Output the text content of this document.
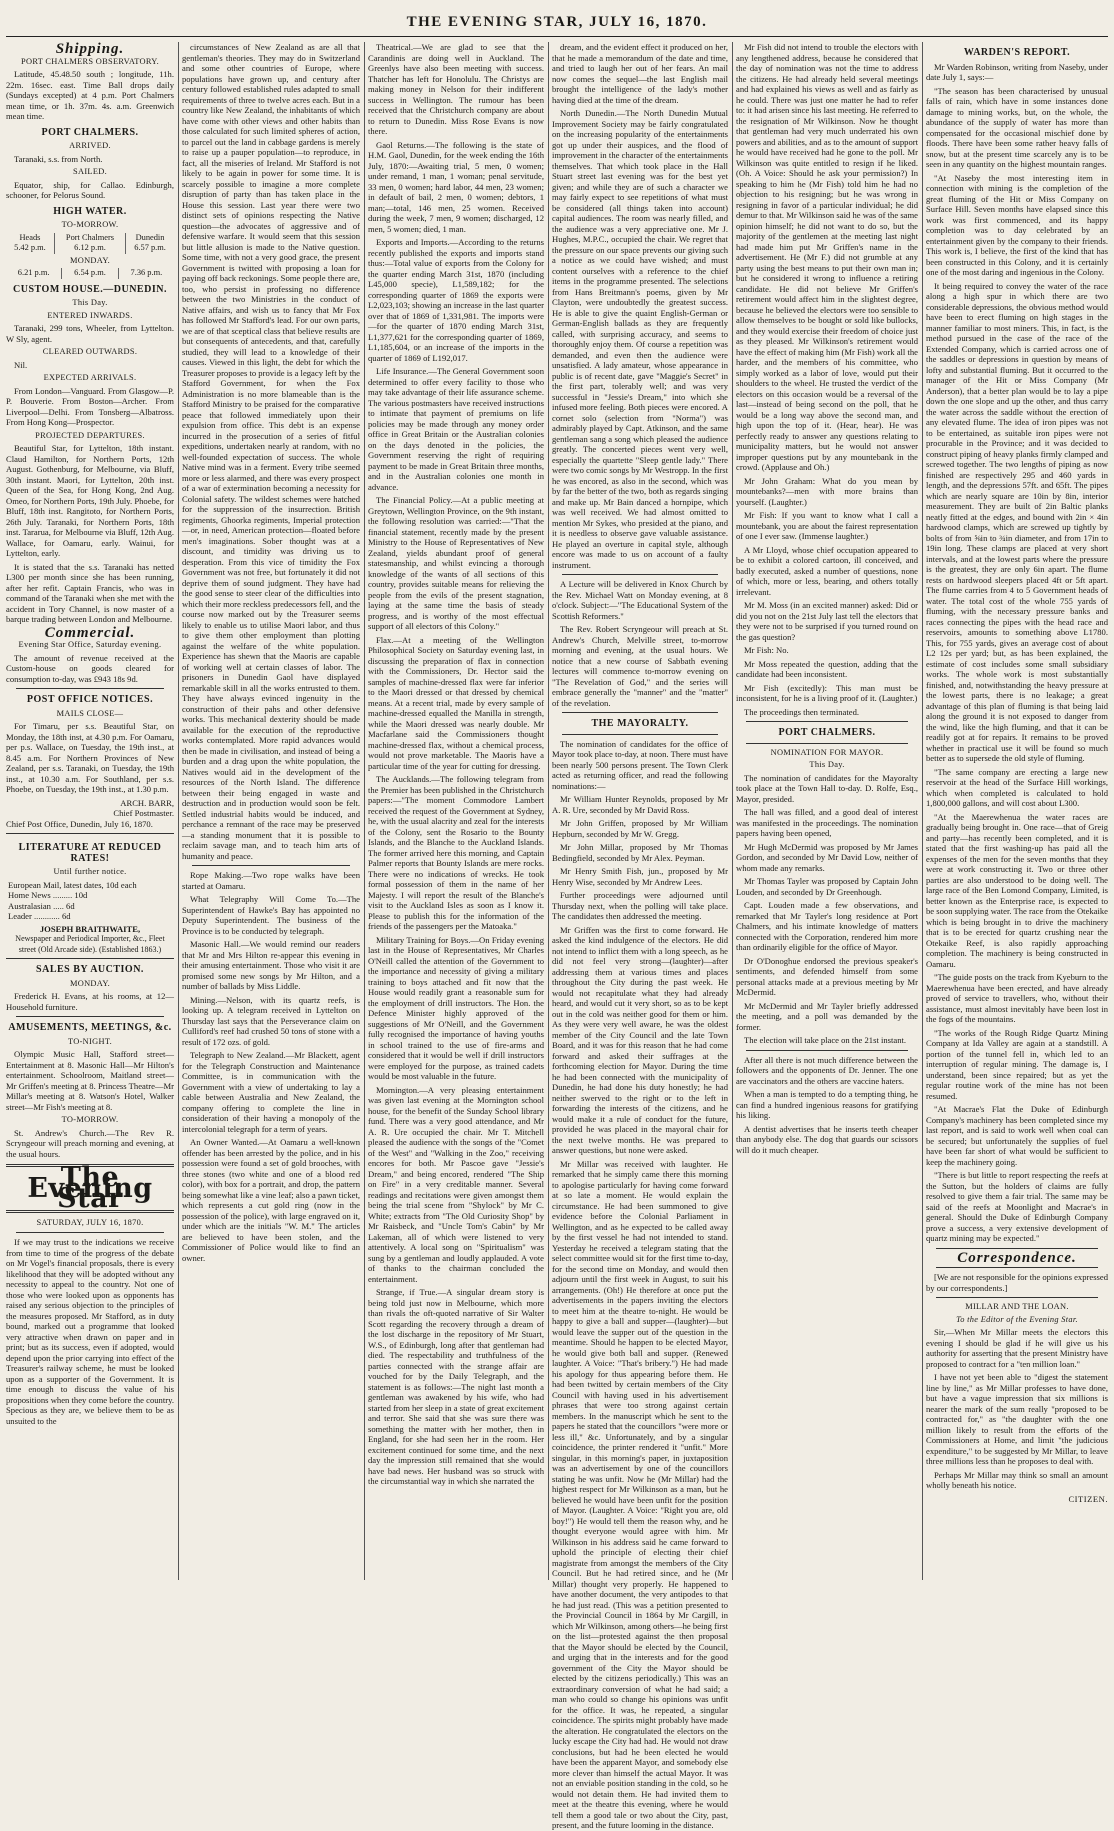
THE EVENING STAR, JULY 16, 1870.
Shipping.
PORT CHALMERS OBSERVATORY.

Latitude, 45.48.50 south ; longitude, 11h. 22m. 16sec. east. Time Ball drops daily (Sundays excepted) at 4 p.m. Port Chalmers mean time, or 1h. 37m. 4s. a.m. Greenwich mean time.

PORT CHALMERS.
ARRIVED.

Taranaki, s.s. from North.

SAILED.

Equator, ship, for Callao. Edinburgh, schooner, for Pelorus Sound.

HIGH WATER.
TO-MORROW.
Heads	Port Chalmers	Dunedin
5.42 p.m.	6.12 p.m.	6.57 p.m.
MONDAY.
6.21 p.m.	6.54 p.m.	7.36 p.m.
CUSTOM HOUSE.—DUNEDIN.
This Day.
ENTERED INWARDS.

Taranaki, 299 tons, Wheeler, from Lyttelton. W Sly, agent.

CLEARED OUTWARDS.

Nil.

EXPECTED ARRIVALS.

From London—Vanguard. From Glasgow—P. P. Bouverie. From Boston—Archer. From Liverpool—Delhi. From Tonsberg—Albatross. From Hong Kong—Prospector.

PROJECTED DEPARTURES.

Beautiful Star, for Lyttelton, 18th instant. Claud Hamilton, for Northern Ports, 12th August. Gothenburg, for Melbourne, via Bluff, 30th instant. Maori, for Lyttelton, 20th inst. Queen of the Sea, for Hong Kong, 2nd Aug. Omeo, for Northern Ports, 19th July. Phoebe, for Bluff, 18th inst. Rangitoto, for Northern Ports, 26th July. Taranaki, for Northern Ports, 18th inst. Tararua, for Melbourne via Bluff, 12th Aug. Wallace, for Oamaru, early. Wainui, for Lyttelton, early.

It is stated that the s.s. Taranaki has netted L300 per month since she has been running, after her refit. Captain Francis, who was in command of the Taranaki when she met with the accident in Tory Channel, is now master of a barque trading between London and Melbourne.

Commercial.
Evening Star Office, Saturday evening.

The amount of revenue received at the Custom-house on goods cleared for consumption to-day, was £943 18s 9d.

POST OFFICE NOTICES.
MAILS CLOSE—

For Timaru, per s.s. Beautiful Star, on Monday, the 18th inst, at 4.30 p.m. For Oamaru, per p.s. Wallace, on Tuesday, the 19th inst., at 8.45 a.m. For Northern Provinces of New Zealand, per s.s. Taranaki, on Tuesday, the 19th inst., at 10.30 a.m. For Southland, per s.s. Phoebe, on Tuesday, the 19th inst., at 1.30 p.m.

ARCH. BARR,
Chief Postmaster.
Chief Post Office, Dunedin, July 16, 1870.
LITERATURE AT REDUCED RATES!
Until further notice.
European Mail, latest dates, 10d each
Home News ......... 10d
Australasian ..... 6d
Leader ............ 6d
JOSEPH BRAITHWAITE,
Newspaper and Periodical Importer, &c., Fleet street (Old Arcade side). (Established 1863.)
SALES BY AUCTION.
MONDAY.

Frederick H. Evans, at his rooms, at 12—Household furniture.

AMUSEMENTS, MEETINGS, &c.
TO-NIGHT.

Olympic Music Hall, Stafford street—Entertainment at 8. Masonic Hall—Mr Hilton's entertainment. Schoolroom, Maitland street—Mr Griffen's meeting at 8. Princess Theatre—Mr Millar's meeting at 8. Watson's Hotel, Walker street—Mr Fish's meeting at 8.

TO-MORROW.

St. Andrew's Church.—The Rev R. Scryngeour will preach morning and evening, at the usual hours.

The Evening Star
SATURDAY, JULY 16, 1870.

If we may trust to the indications we receive from time to time of the progress of the debate on Mr Vogel's financial proposals, there is every likelihood that they will be adopted without any necessity to appeal to the country. Not one of those who were looked upon as opponents has raised any serious objection to the principles of the measures proposed. Mr Stafford, as in duty bound, marked out a programme that looked very attractive when drawn on paper and in print; but as its success, even if adopted, would depend upon the prior carrying into effect of the Treasurer's railway scheme, he must be looked upon as a supporter of the Government. It is time enough to discuss the value of his propositions when they come before the country. Specious as they are, we believe them to be as unsuited to the

circumstances of New Zealand as are all that gentleman's theories. They may do in Switzerland and some other countries of Europe, where populations have grown up, and century after century followed established rules adapted to small requirements of three to twelve acres each. But in a country like New Zealand, the inhabitants of which have come with other views and other habits than those calculated for such limited spheres of action, to parcel out the land in cabbage gardens is merely to raise up a pauper population—to reproduce, in fact, all the miseries of Ireland. Mr Stafford is not likely to be again in power for some time. It is scarcely possible to imagine a more complete disruption of party than has taken place in the House this session. Last year there were two distinct sets of opinions respecting the Native question—the advocates of aggressive and of defensive warfare. It would seem that this session but little allusion is made to the Native question. Some time, with not a very good grace, the present Government is twitted with proposing a loan for paying off back reckonings. Some people there are, too, who persist in professing no difference between the two Ministries in the conduct of Native affairs, and wish us to fancy that Mr Fox has followed Mr Stafford's lead. For our own parts, we are of that sceptical class that believe results are but consequents of antecedents, and that, carefully studied, they will lead to a knowledge of their causes. Viewed in this light, the debt for which the Treasurer proposes to provide is a legacy left by the Stafford Government, for when the Fox Administration is no more blameable than is the Stafford Ministry to be praised for the comparative peace that followed immediately upon their expulsion from office. This debt is an expense incurred in the prosecution of a series of fitful expeditions, undertaken nearly at random, with no well-founded expectation of success. The whole Native mind was in a ferment. Every tribe seemed more or less alarmed, and there was every prospect of a war of extermination becoming a necessity for Colonial safety. The wildest schemes were hatched for the suppression of the insurrection. British regiments, Ghoorka regiments, Imperial protection—or, in need, American protection—floated before men's imaginations. Sober thought was at a discount, and timidity was driving us to desperation. From this vice of timidity the Fox Government was not free, but fortunately it did not deprive them of sound judgment. They have had the good sense to steer clear of the difficulties into which their more reckless predecessors fell, and the course now marked out by the Treasurer seems likely to enable us to utilise Maori labor, and thus to give them other employment than plotting against the welfare of the white population. Experience has shewn that the Maoris are capable of working well at certain classes of labor. The prisoners in Dunedin Gaol have displayed remarkable skill in all the works entrusted to them. They have always evinced ingenuity in the construction of their pahs and other defensive works. This mechanical dexterity should be made available for the execution of the reproductive works contemplated. More rapid advances would then be made in civilisation, and instead of being a burden and a drag upon the white population, the Natives would aid in the development of the resources of the North Island. The difference between their being engaged in waste and destruction and in production would soon be felt. Settled industrial habits would be induced, and perchance a remnant of the race may be preserved—a standing monument that it is possible to reclaim savage man, and to teach him arts of humanity and peace.

Rope Making.—Two rope walks have been started at Oamaru.

What Telegraphy Will Come To.—The Superintendent of Hawke's Bay has appointed no Deputy Superintendent. The business of the Province is to be conducted by telegraph.

Masonic Hall.—We would remind our readers that Mr and Mrs Hilton re-appear this evening in their amusing entertainment. Those who visit it are promised some new songs by Mr Hilton, and a number of ballads by Miss Liddle.

Mining.—Nelson, with its quartz reefs, is looking up. A telegram received in Lyttelton on Thursday last says that the Perseverance claim on Culliford's reef had crushed 50 tons of stone with a result of 172 ozs. of gold.

Telegraph to New Zealand.—Mr Blackett, agent for the Telegraph Construction and Maintenance Committee, is in communication with the Government with a view of undertaking to lay a cable between Australia and New Zealand, the company offering to complete the line in consideration of their having a monopoly of the intercolonial telegraph for a term of years.

An Owner Wanted.—At Oamaru a well-known offender has been arrested by the police, and in his possession were found a set of gold brooches, with three stones (two white and one of a blood red color), with box for a portrait, and drop, the pattern being somewhat like a vine leaf; also a pawn ticket, which represents a cut gold ring (now in the possession of the police), with large engraved on it, under which are the initials "W. M." The articles are believed to have been stolen, and the Commissioner of Police would like to find an owner.

Theatrical.—We are glad to see that the Carandinis are doing well in Auckland. The Greenlys have also been meeting with success. Thatcher has left for Honolulu. The Christys are making money in Nelson for their indifferent success in Wellington. The rumour has been received that the Christchurch company are about to return to Dunedin. Miss Rose Evans is now there.

Gaol Returns.—The following is the state of H.M. Gaol, Dunedin, for the week ending the 16th July, 1870:—Awaiting trial, 5 men, 0 women; under remand, 1 man, 1 woman; penal servitude, 33 men, 0 women; hard labor, 44 men, 23 women; in default of bail, 2 men, 0 women; debtors, 1 man;—total, 146 men, 25 women. Received during the week, 7 men, 9 women; discharged, 12 men, 5 women; died, 1 man.

Exports and Imports.—According to the returns recently published the exports and imports stand thus:—Total value of exports from the Colony for the quarter ending March 31st, 1870 (including L45,000 specie), L1,589,182; for the corresponding quarter of 1869 the exports were L2,023,103; showing an increase in the last quarter over that of 1869 of 1,331,981. The imports were—for the quarter of 1870 ending March 31st, L1,377,621 for the corresponding quarter of 1869, L1,185,604, or an increase of the imports in the quarter of 1869 of L192,017.

Life Insurance.—The General Government soon determined to offer every facility to those who may take advantage of their life assurance scheme. The various postmasters have received instructions to intimate that payment of premiums on life policies may be made through any money order office in Great Britain or the Australian colonies on the days denoted in the policies, the Government reserving the right of requiring payment to be made in Great Britain three months, and in the Australian colonies one month in advance.

The Financial Policy.—At a public meeting at Greytown, Wellington Province, on the 9th instant, the following resolution was carried:—"That the financial statement, recently made by the present Ministry to the House of Representatives of New Zealand, yields abundant proof of general statesmanship, and whilst evincing a thorough knowledge of the wants of all sections of this country, provides suitable means for relieving the people from the evils of the present stagnation, laying at the same time the basis of steady progress, and is worthy of the most effectual support of all electors of this Colony."

Flax.—At a meeting of the Wellington Philosophical Society on Saturday evening last, in discussing the preparation of flax in connection with the Commissioners, Dr. Hector said the samples of machine-dressed flax were far inferior to the Maori dressed or that dressed by chemical means. At a recent trial, made by every sample of machine-dressed equalled the Manilla in strength, while the Maori dressed was nearly double. Mr Macfarlane said the Commissioners thought machine-dressed flax, without a chemical process, would not prove marketable. The Maoris have a particular time of the year for cutting for dressing.

The Aucklands.—The following telegram from the Premier has been published in the Christchurch papers:—"The moment Commodore Lambert received the request of the Government at Sydney, he, with the usual alacrity and zeal for the interests of the Colony, sent the Rosario to the Bounty Islands, and the Blanche to the Auckland Islands. The former arrived here this morning, and Captain Palmer reports that Bounty Islands are mere rocks. There were no indications of wrecks. He took formal possession of them in the name of her Majesty. I will report the result of the Blanche's visit to the Auckland Isles as soon as I know it. Please to publish this for the information of the friends of the passengers per the Matoaka."

Military Training for Boys.—On Friday evening last in the House of Representatives, Mr Charles O'Neill called the attention of the Government to the importance and necessity of giving a military training to boys attached and fit now that the House would readily grant a reasonable sum for the employment of drill instructors. The Hon. the Defence Minister highly approved of the suggestions of Mr O'Neill, and the Government fully recognised the importance of having youths in school trained to the use of fire-arms and considered that it would be well if drill instructors were employed for the purpose, as trained cadets would be most valuable in the future.

Mornington.—A very pleasing entertainment was given last evening at the Mornington school house, for the benefit of the Sunday School library fund. There was a very good attendance, and Mr A. R. Ure occupied the chair. Mr T. Mitchell pleased the audience with the songs of the "Comet of the West" and "Walking in the Zoo," receiving encores for both. Mr Pascoe gave "Jessie's Dream," and being encored, rendered "The Ship on Fire" in a very creditable manner. Several readings and recitations were given amongst them being the trial scene from "Shylock" by Mr C. White; extracts from "The Old Curiosity Shop" by Mr Raisbeck, and "Uncle Tom's Cabin" by Mr Lakeman, all of which were listened to very attentively. A local song on "Spiritualism" was sung by a gentleman and loudly applauded. A vote of thanks to the chairman concluded the entertainment.

Strange, if True.—A singular dream story is being told just now in Melbourne, which more than rivals the oft-quoted narrative of Sir Walter Scott regarding the recovery through a dream of the lost discharge in the repository of Mr Stuart, W.S., of Edinburgh, long after that gentleman had died. The respectability and truthfulness of the parties connected with the strange affair are vouched for by the Daily Telegraph, and the statement is as follows:—The night last month a gentleman was awakened by his wife, who had started from her sleep in a state of great excitement and terror. She said that she was sure there was something the matter with her mother, then in England, for she had seen her in the room. Her excitement continued for some time, and the next day the impression still remained that she would have bad news. Her husband was so struck with the circumstantial way in which she narrated the

dream, and the evident effect it produced on her, that he made a memorandum of the date and time, and tried to laugh her out of her fears. An mail now comes the sequel—the last English mail brought the intelligence of the lady's mother having died at the time of the dream.

North Dunedin.—The North Dunedin Mutual Improvement Society may be fairly congratulated on the increasing popularity of the entertainments got up under their auspices, and the flood of improvement in the character of the entertainments themselves. That which took place in the Hall Stuart street last evening was for the best yet given; and while they are of such a character we may fairly expect to see repetitions of what must be considered (all things taken into account) capital audiences. The room was nearly filled, and the audience was a very appreciative one. Mr J. Hughes, M.P.C., occupied the chair. We regret that the pressure on our space prevents our giving such a notice as we could have wished; and must content ourselves with a reference to the chief items in the programme presented. The selections from Hans Breitmann's poems, given by Mr Clayton, were undoubtedly the greatest success. He is able to give the quaint English-German or German-English ballads as they are frequently called, with surprising accuracy, and seems to thoroughly enjoy them. Of course a repetition was demanded, and even then the audience were unsatisfied. A lady amateur, whose appearance in public is of recent date, gave "Maggie's Secret" in the first part, tolerably well; and was very successful in "Jessie's Dream," into which she infused more feeling. Both pieces were encored. A cornet solo (selection from "Norma") was admirably played by Capt. Atkinson, and the same gentleman sang a song which pleased the audience greatly. The concerted pieces went very well, especially the quartette "Sleep gentle lady." There were two comic songs by Mr Westropp. In the first he was encored, as also in the second, which was by far the better of the two, both as regards singing and make up. Mr Bain danced a hornpipe, which was well received. We had almost omitted to mention Mr Sykes, who presided at the piano, and it is needless to observe gave valuable assistance. He played an overture in capital style, although encore was made to us on account of a faulty instrument.

A Lecture will be delivered in Knox Church by the Rev. Michael Watt on Monday evening, at 8 o'clock. Subject:—"The Educational System of the Scottish Reformers."

The Rev. Robert Scryngeour will preach at St. Andrew's Church, Melville street, to-morrow morning and evening, at the usual hours. We notice that a new course of Sabbath evening lectures will commence to-morrow evening on "The Revelation of God," and the series will embrace generally the "manner" and the "matter" of the revelation.

THE MAYORALTY.

The nomination of candidates for the office of Mayor took place to-day, at noon. There must have been nearly 500 persons present. The Town Clerk acted as returning officer, and read the following nominations:—

Mr William Hunter Reynolds, proposed by Mr A. R. Ure, seconded by Mr David Ross.

Mr John Griffen, proposed by Mr William Hepburn, seconded by Mr W. Gregg.

Mr John Millar, proposed by Mr Thomas Bedingfield, seconded by Mr Alex. Peyman.

Mr Henry Smith Fish, jun., proposed by Mr Henry Wise, seconded by Mr Andrew Lees.

Further proceedings were adjourned until Thursday next, when the polling will take place. The candidates then addressed the meeting.

Mr Griffen was the first to come forward. He asked the kind indulgence of the electors. He did not intend to inflict them with a long speech, as he did not feel very strong—(laughter)—after addressing them at various times and places throughout the City during the past week. He would not recapitulate what they had already heard, and would cut it very short, so as to be kept out in the cold was neither good for them or him. As they were very well aware, he was the oldest member of the City Council and the late Town Board, and it was for this reason that he had come forward and asked their suffrages at the forthcoming election for Mayor. During the time he had been connected with the municipality of Dunedin, he had done his duty honestly; he had neither swerved to the right or to the left in forwarding the interests of the citizens, and he would make it a rule of conduct for the future, provided he was placed in the mayoral chair for the next twelve months. He was prepared to answer questions, but none were asked.

Mr Millar was received with laughter. He remarked that he simply came there this morning to apologise particularly for having come forward at so late a moment. He would explain the circumstance. He had been summoned to give evidence before the Colonial Parliament in Wellington, and as he expected to be called away by the first vessel he had not intended to stand. Yesterday he received a telegram stating that the select committee would sit for the first time to-day, for the second time on Monday, and would then adjourn until the first week in August, to suit his arrangements. (Oh!) He therefore at once put the advertisements in the papers inviting the electors to meet him at the theatre to-night. He would be happy to give a ball and supper—(laughter)—but would leave the supper out of the question in the meantime. Should he happen to be elected Mayor, he would give both ball and supper. (Renewed laughter. A Voice: "That's bribery.") He had made his apology for thus appearing before them. He had been twitted by certain members of the City Council with having used in his advertisement phrases that were too strong against certain members. In the manuscript which he sent to the papers he stated that the councillors "were more or less ill," &c. Unfortunately, and by a singular coincidence, the printer rendered it "unfit." More singular, in this morning's paper, in juxtaposition was an advertisement by one of the councillors stating he was unfit. Now he (Mr Millar) had the highest respect for Mr Wilkinson as a man, but he believed he would have been unfit for the position of Mayor. (Laughter. A Voice: "Right you are, old boy!") He would tell them the reason why, and he thought everyone would agree with him. Mr Wilkinson in his address said he came forward to uphold the principle of electing their chief magistrate from amongst the members of the City Council. But he had retired since, and he (Mr Millar) thought very properly. He happened to have another document, the very antipodes to that he had just read. (This was a petition presented to the Provincial Council in 1864 by Mr Cargill, in which Mr Wilkinson, among others—he being first on the list—protested against the then proposal that the Mayor should be elected by the Council, and urging that in the interests and for the good government of the City the Mayor should be elected by the citizens periodically.) This was an extraordinary conversion of what he had said; a man who could so change his opinions was unfit for the office. It was, he repeated, a singular coincidence. The spirits might probably have made the alteration. He congratulated the electors on the lucky escape the City had had. He would not draw conclusions, but had he been elected he would have been the apparent Mayor, and somebody else more clever than himself the actual Mayor. It was not an enviable position standing in the cold, so he would not detain them. He had invited them to meet at the theatre this evening, where he would tell them a good tale or two about the City, past, present, and the future looming in the distance.

Mr Fish did not intend to trouble the electors with any lengthened address, because he considered that the day of nomination was not the time to address the citizens. He had already held several meetings and had explained his views as well and as fairly as he could. There was just one matter he had to refer to: it had arisen since his last meeting. He referred to the resignation of Mr Wilkinson. Now he thought that gentleman had very much underrated his own powers and abilities, and as to the amount of support he would have received had he gone to the poll. Mr Wilkinson was quite entitled to resign if he liked. (Oh. A Voice: Should he ask your permission?) In speaking to him he (Mr Fish) told him he had no objection to his resigning; but he was wrong in resigning in favor of a particular individual; he did demur to that. Mr Wilkinson said he was of the same opinion himself; he did not want to do so, but the majority of the gentlemen at the meeting last night had made him put Mr Griffen's name in the advertisement. He (Mr F.) did not grumble at any party using the best means to put their own man in; but he considered it wrong to influence a retiring candidate. He did not believe Mr Griffen's retirement would affect him in the slightest degree, because he believed the electors were too sensible to allow themselves to be bought or sold like bullocks, and they would exercise their freedom of choice just as they pleased. Mr Wilkinson's retirement would have the effect of making him (Mr Fish) work all the harder, and the members of his committee, who simply worked as a labor of love, would put their shoulders to the wheel. He trusted the verdict of the electors on this occasion would be a reversal of the last—instead of being second on the poll, that he would be a long way above the second man, and high upon the top of it. (Hear, hear). He was perfectly ready to answer any questions relating to municipality matters, but he would not answer improper questions put by any mountebank in the crowd. (Applause and Oh.)

Mr John Graham: What do you mean by mountebanks?—men with more brains than yourself. (Laughter.)

Mr Fish: If you want to know what I call a mountebank, you are about the fairest representation of one I ever saw. (Immense laughter.)

A Mr Lloyd, whose chief occupation appeared to be to exhibit a colored cartoon, ill conceived, and badly executed, asked a number of questions, none of which, more or less, bearing, and others totally irrelevant.

Mr M. Moss (in an excited manner) asked: Did or did you not on the 21st July last tell the electors that they were not to be surprised if you turned round on the gas question?

Mr Fish: No.

Mr Moss repeated the question, adding that the candidate had been inconsistent.

Mr Fish (excitedly): This man must be inconsistent, for he is a living proof of it. (Laughter.)

The proceedings then terminated.

PORT CHALMERS.
NOMINATION FOR MAYOR.
This Day.

The nomination of candidates for the Mayoralty took place at the Town Hall to-day. D. Rolfe, Esq., Mayor, presided.

The hall was filled, and a good deal of interest was manifested in the proceedings. The nomination papers having been opened,

Mr Hugh McDermid was proposed by Mr James Gordon, and seconded by Mr David Low, neither of whom made any remarks.

Mr Thomas Tayler was proposed by Captain John Louden, and seconded by Dr Greenhough.

Capt. Louden made a few observations, and remarked that Mr Tayler's long residence at Port Chalmers, and his intimate knowledge of matters connected with the Corporation, rendered him more than ordinarily eligible for the office of Mayor.

Dr O'Donoghue endorsed the previous speaker's sentiments, and defended himself from some personal attacks made at a previous meeting by Mr McDermid.

Mr McDermid and Mr Tayler briefly addressed the meeting, and a poll was demanded by the former.

The election will take place on the 21st instant.

After all there is not much difference between the followers and the opponents of Dr. Jenner. The one are vaccinators and the others are vaccine haters.

When a man is tempted to do a tempting thing, he can find a hundred ingenious reasons for gratifying his liking.

A dentist advertises that he inserts teeth cheaper than anybody else. The dog that guards our scissors will do it much cheaper.

WARDEN'S REPORT.

Mr Warden Robinson, writing from Naseby, under date July 1, says:—

"The season has been characterised by unusual falls of rain, which have in some instances done damage to mining works, but, on the whole, the abundance of the supply of water has more than compensated for the occasional mischief done by floods. There have been some rather heavy falls of snow, but at the present time scarcely any is to be seen in any quantity on the highest mountain ranges.

"At Naseby the most interesting item in connection with mining is the completion of the great fluming of the Hit or Miss Company on Surface Hill. Seven months have elapsed since this work was first commenced, and its happy completion was to day celebrated by an entertainment given by the company to their friends. This work is, I believe, the first of the kind that has been constructed in this Colony, and it is certainly one of the most daring and ingenious in the Colony.

It being required to convey the water of the race along a high spur in which there are two considerable depressions, the obvious method would have been to erect fluming on high stages in the manner familiar to most miners. This, in fact, is the method pursued in the case of the race of the Extended Company, which is carried across one of the saddles or depressions in question by means of lofty and substantial fluming. But it occurred to the manager of the Hit or Miss Company (Mr Anderson), that a better plan would be to lay a pipe down the one slope and up the other, and thus carry the water across the saddle without the erection of any elevated flume. The idea of iron pipes was not to be entertained, as suitable iron pipes were not procurable in the Province; and it was decided to construct piping of heavy planks firmly clamped and screwed together. The two lengths of piping as now finished are respectively 295 and 460 yards in length, and the depressions 57ft. and 65ft. The pipes which are nearly square are 10in by 8in, interior measurement. They are built of 2in Baltic planks neatly fitted at the edges, and bound with 2in × 4in hardwood clamps, which are screwed up tightly by bolts of from ⅝in to ¾in diameter, and from 17in to 19in long. These clamps are placed at very short intervals, and at the lowest parts where the pressure is the greatest, they are only 6in apart. The flume rests on hardwood sleepers placed 4ft or 5ft apart. The flume carries from 4 to 5 Government heads of water. The total cost of the whole 755 yards of fluming, with the necessary pressure banks and races connecting the pipes with the head race and reservoirs, amounts to something above L1780. This, for 755 yards, gives an average cost of about L2 12s per yard; but, as has been explained, the estimate of cost includes some small subsidiary works. The whole work is most substantially finished, and, notwithstanding the heavy pressure at the lowest parts, there is no leakage; a great advantage of this plan of fluming is that being laid along the ground it is not exposed to danger from the wind, like the high fluming, and that it can be readily got at for repairs. It remains to be proved whether in practical use it will be found so much better as to supersede the old style of fluming.

"The same company are erecting a large new reservoir at the head of the Surface Hill workings, which when completed is calculated to hold 1,800,000 gallons, and will cost about L300.

"At the Maerewhenua the water races are gradually being brought in. One race—that of Greig and party—has recently been completed, and it is stated that the first washing-up has paid all the expenses of the men for the seven months that they were at work constructing it. Two or three other parties are also understood to be doing well. The large race of the Ben Lomond Company, Limited, is better known as the Enterprise race, is expected to be soon supplying water. The race from the Otekaike which is being brought in to drive the machinery that is to be erected for quartz crushing near the Otekaike Reef, is also rapidly approaching completion. The machinery is being constructed in Oamaru.

"The guide posts on the track from Kyeburn to the Maerewhenua have been erected, and have already proved of service to travellers, who, without their assistance, must almost inevitably have been lost in the fogs of the mountains.

"The works of the Rough Ridge Quartz Mining Company at Ida Valley are again at a standstill. A portion of the tunnel fell in, which led to an interruption of regular mining. The damage is, I understand, been since repaired; but as yet the regular routine work of the mine has not been resumed.

"At Macrae's Flat the Duke of Edinburgh Company's machinery has been completed since my last report, and is said to work well when coal can be secured; but unfortunately the supplies of fuel have been far short of what would be sufficient to keep the machinery going.

"There is but little to report respecting the reefs at the Sutton, but the holders of claims are fully resolved to give them a fair trial. The same may be said of the reefs at Moonlight and Macrae's in general. Should the Duke of Edinburgh Company prove a success, a very extensive development of quartz mining may be expected."

Correspondence.

[We are not responsible for the opinions expressed by our correspondents.]

MILLAR AND THE LOAN.
To the Editor of the Evening Star.

Sir,—When Mr Millar meets the electors this evening I should be glad if he will give us his authority for asserting that the present Ministry have proposed to contract for a "ten million loan."

I have not yet been able to "digest the statement line by line," as Mr Millar professes to have done, but have a vague impression that six millions is nearer the mark of the sum really "proposed to be contracted for," as "the daughter with the one million likely to result from the efforts of the Commissioners at Home, and limit "the judicious expenditure," to be suggested by Mr Millar, to leave three millions less than he proposes to deal with.

Perhaps Mr Millar may think so small an amount wholly beneath his notice.

CITIZEN.
